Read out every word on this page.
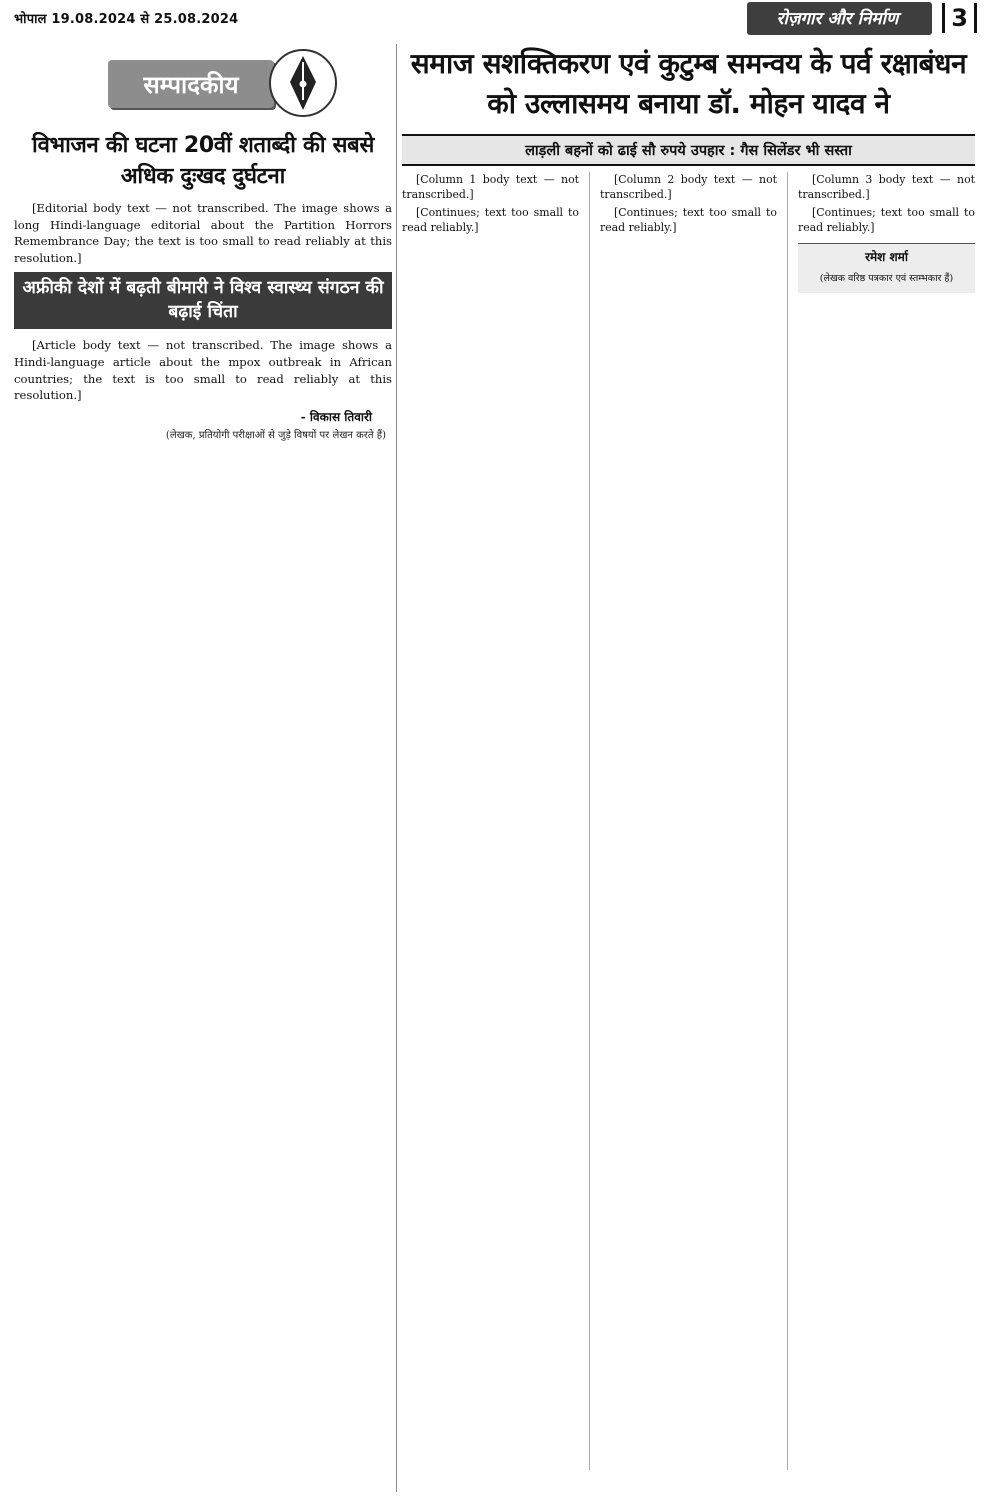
भोपाल 19.08.2024 से 25.08.2024	रोज़गार और निर्माण	3
सम्पादकीय
विभाजन की घटना 20वीं शताब्दी की सबसे अधिक दुःखद दुर्घटना
[Editorial body text — not transcribed. The image shows a long Hindi-language editorial about the Partition Horrors Remembrance Day; the text is too small to read reliably at this resolution.]
अफ्रीकी देशों में बढ़ती बीमारी ने विश्व स्वास्थ्य संगठन की बढ़ाई चिंता
[Article body text — not transcribed. The image shows a Hindi-language article about the mpox outbreak in African countries; the text is too small to read reliably at this resolution.]
- विकास तिवारी
(लेखक, प्रतियोगी परीक्षाओं से जुड़े विषयों पर लेखन करते हैं)
समाज सशक्तिकरण एवं कुटुम्ब समन्वय के पर्व रक्षाबंधन को उल्लासमय बनाया डॉ. मोहन यादव ने
लाड़ली बहनों को ढाई सौ रुपये उपहार : गैस सिलेंडर भी सस्ता

[Column 1 body text — not transcribed.]

[Continues; text too small to read reliably.]

[Column 2 body text — not transcribed.]

[Continues; text too small to read reliably.]

[Column 3 body text — not transcribed.]

[Continues; text too small to read reliably.]

रमेश शर्मा
(लेखक वरिष्ठ पत्रकार एवं स्तम्भकार हैं)
